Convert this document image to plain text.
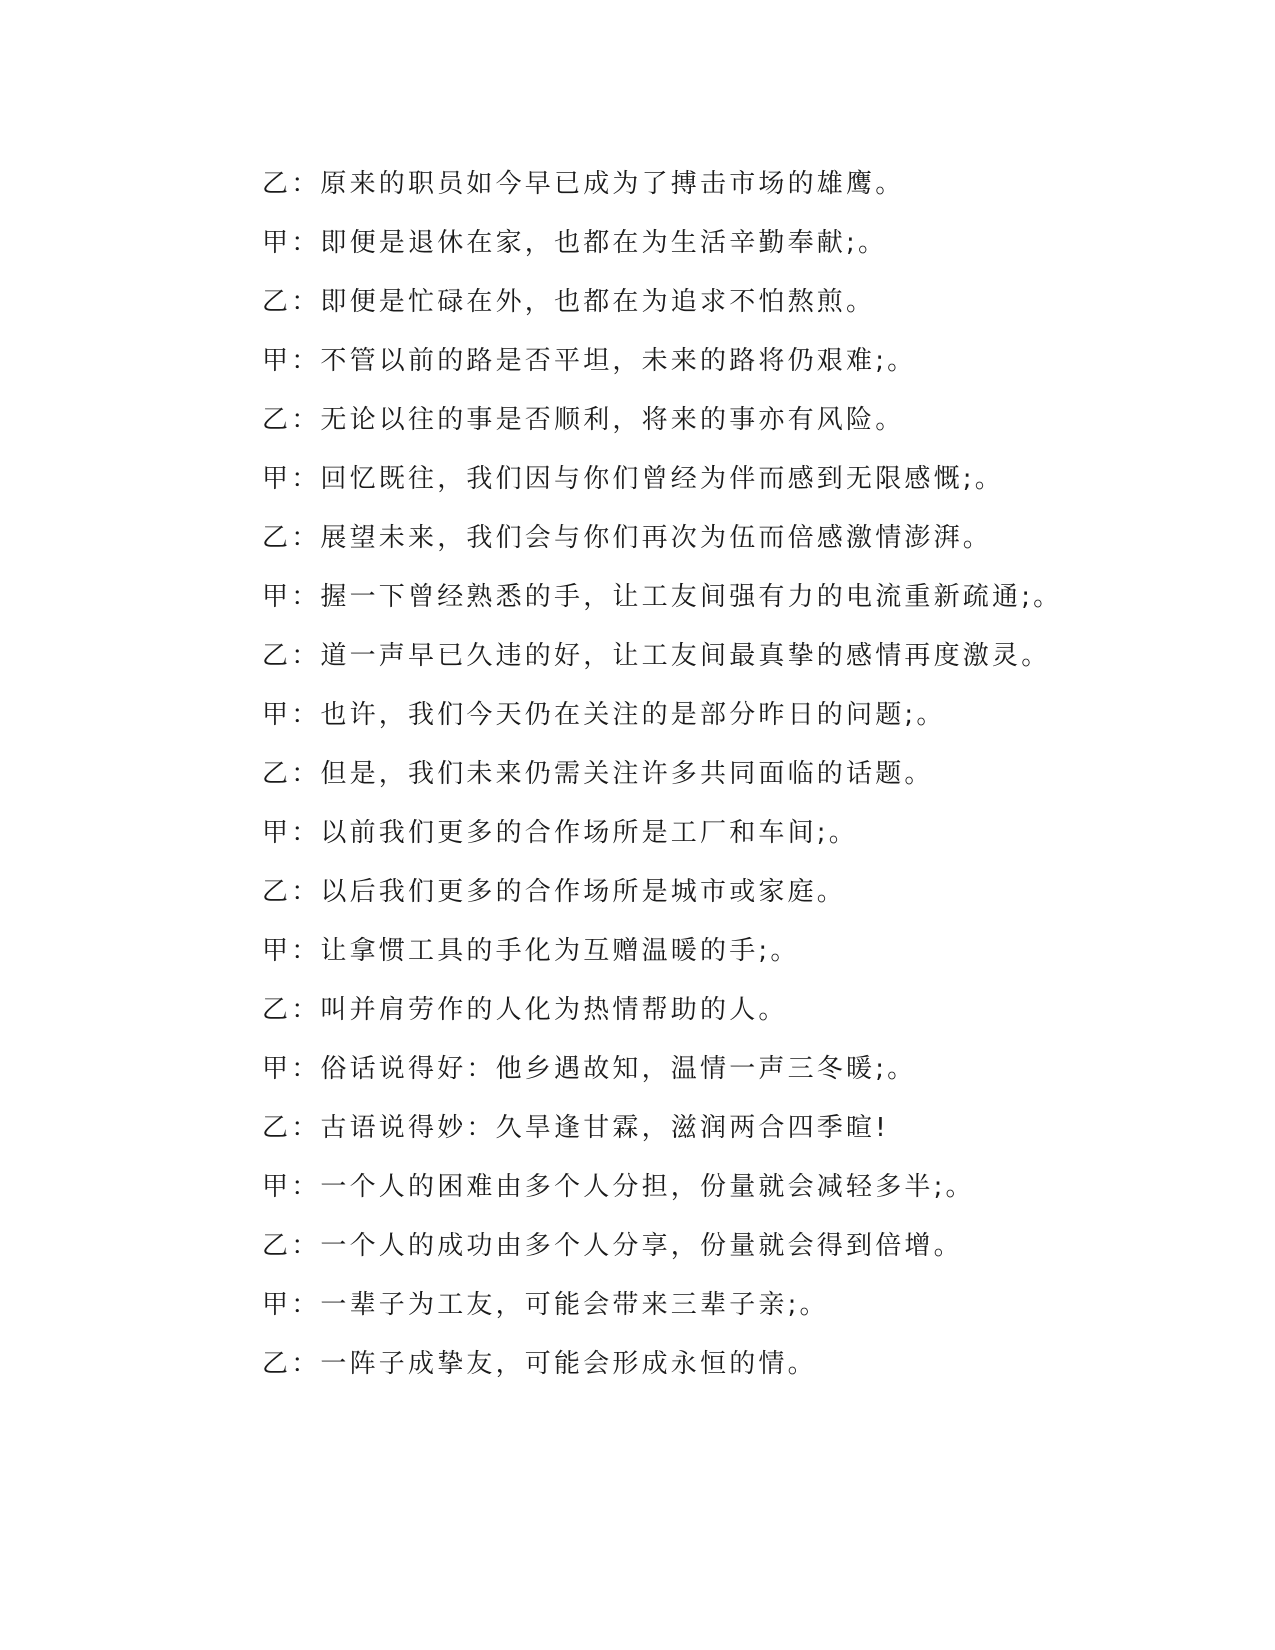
乙：原来的职员如今早已成为了搏击市场的雄鹰。
甲：即便是退休在家，也都在为生活辛勤奉献;。
乙：即便是忙碌在外，也都在为追求不怕熬煎。
甲：不管以前的路是否平坦，未来的路将仍艰难;。
乙：无论以往的事是否顺利，将来的事亦有风险。
甲：回忆既往，我们因与你们曾经为伴而感到无限感慨;。
乙：展望未来，我们会与你们再次为伍而倍感激情澎湃。
甲：握一下曾经熟悉的手，让工友间强有力的电流重新疏通;。
乙：道一声早已久违的好，让工友间最真挚的感情再度激灵。
甲：也许，我们今天仍在关注的是部分昨日的问题;。
乙：但是，我们未来仍需关注许多共同面临的话题。
甲：以前我们更多的合作场所是工厂和车间;。
乙：以后我们更多的合作场所是城市或家庭。
甲：让拿惯工具的手化为互赠温暖的手;。
乙：叫并肩劳作的人化为热情帮助的人。
甲：俗话说得好：他乡遇故知，温情一声三冬暖;。
乙：古语说得妙：久旱逢甘霖，滋润两合四季暄!
甲：一个人的困难由多个人分担，份量就会减轻多半;。
乙：一个人的成功由多个人分享，份量就会得到倍增。
甲：一辈子为工友，可能会带来三辈子亲;。
乙：一阵子成挚友，可能会形成永恒的情。
